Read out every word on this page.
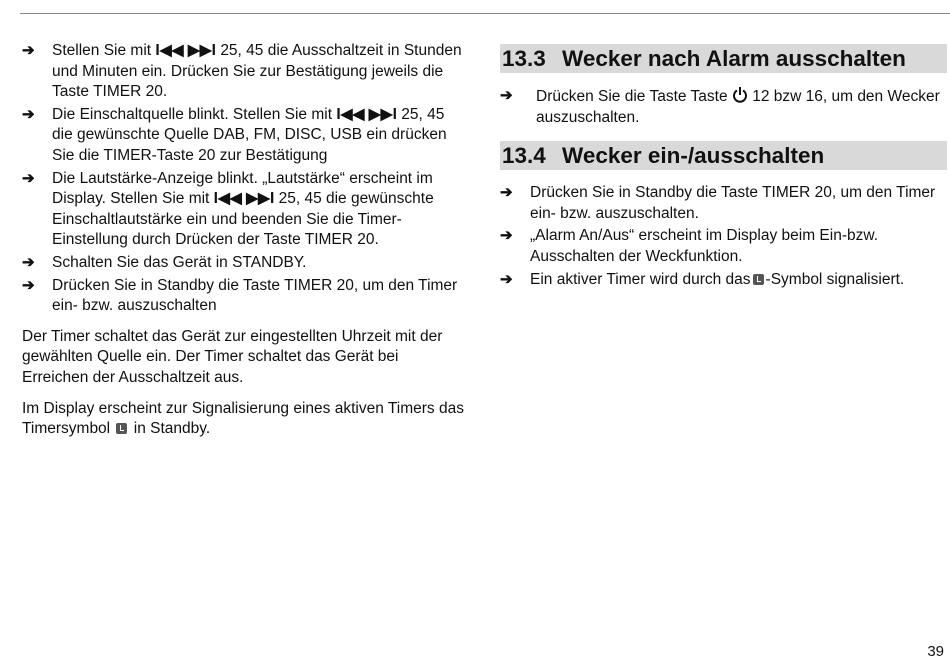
➔ Stellen Sie mit I◀◀ ▶▶I 25, 45 die Ausschaltzeit in Stunden und Minuten ein. Drücken Sie zur Bestätigung jeweils die Taste TIMER 20.
➔ Die Einschaltquelle blinkt. Stellen Sie mit I◀◀ ▶▶I 25, 45 die gewünschte Quelle DAB, FM, DISC, USB ein drücken Sie die TIMER-Taste 20 zur Bestätigung
➔ Die Lautstärke-Anzeige blinkt. „Lautstärke“ erscheint im Display. Stellen Sie mit I◀◀ ▶▶I 25, 45 die gewünschte Einschaltlautstärke ein und beenden Sie die Timer-Einstellung durch Drücken der Taste TIMER 20.
➔ Schalten Sie das Gerät in STANDBY.
➔ Drücken Sie in Standby die Taste TIMER 20, um den Timer ein- bzw. auszuschalten

Der Timer schaltet das Gerät zur eingestellten Uhrzeit mit der gewählten Quelle ein. Der Timer schaltet das Gerät bei Erreichen der Ausschaltzeit aus.

Im Display erscheint zur Signalisierung eines aktiven Timers das Timersymbol in Standby.

13.3 Wecker nach Alarm ausschalten
➔ Drücken Sie die Taste Taste 12 bzw 16, um den Wecker auszuschalten.
13.4 Wecker ein-/ausschalten
➔ Drücken Sie in Standby die Taste TIMER 20, um den Timer ein- bzw. auszuschalten.
➔ „Alarm An/Aus“ erscheint im Display beim Ein-bzw. Ausschalten der Weckfunktion.
➔ Ein aktiver Timer wird durch das -Symbol signalisiert.
39
